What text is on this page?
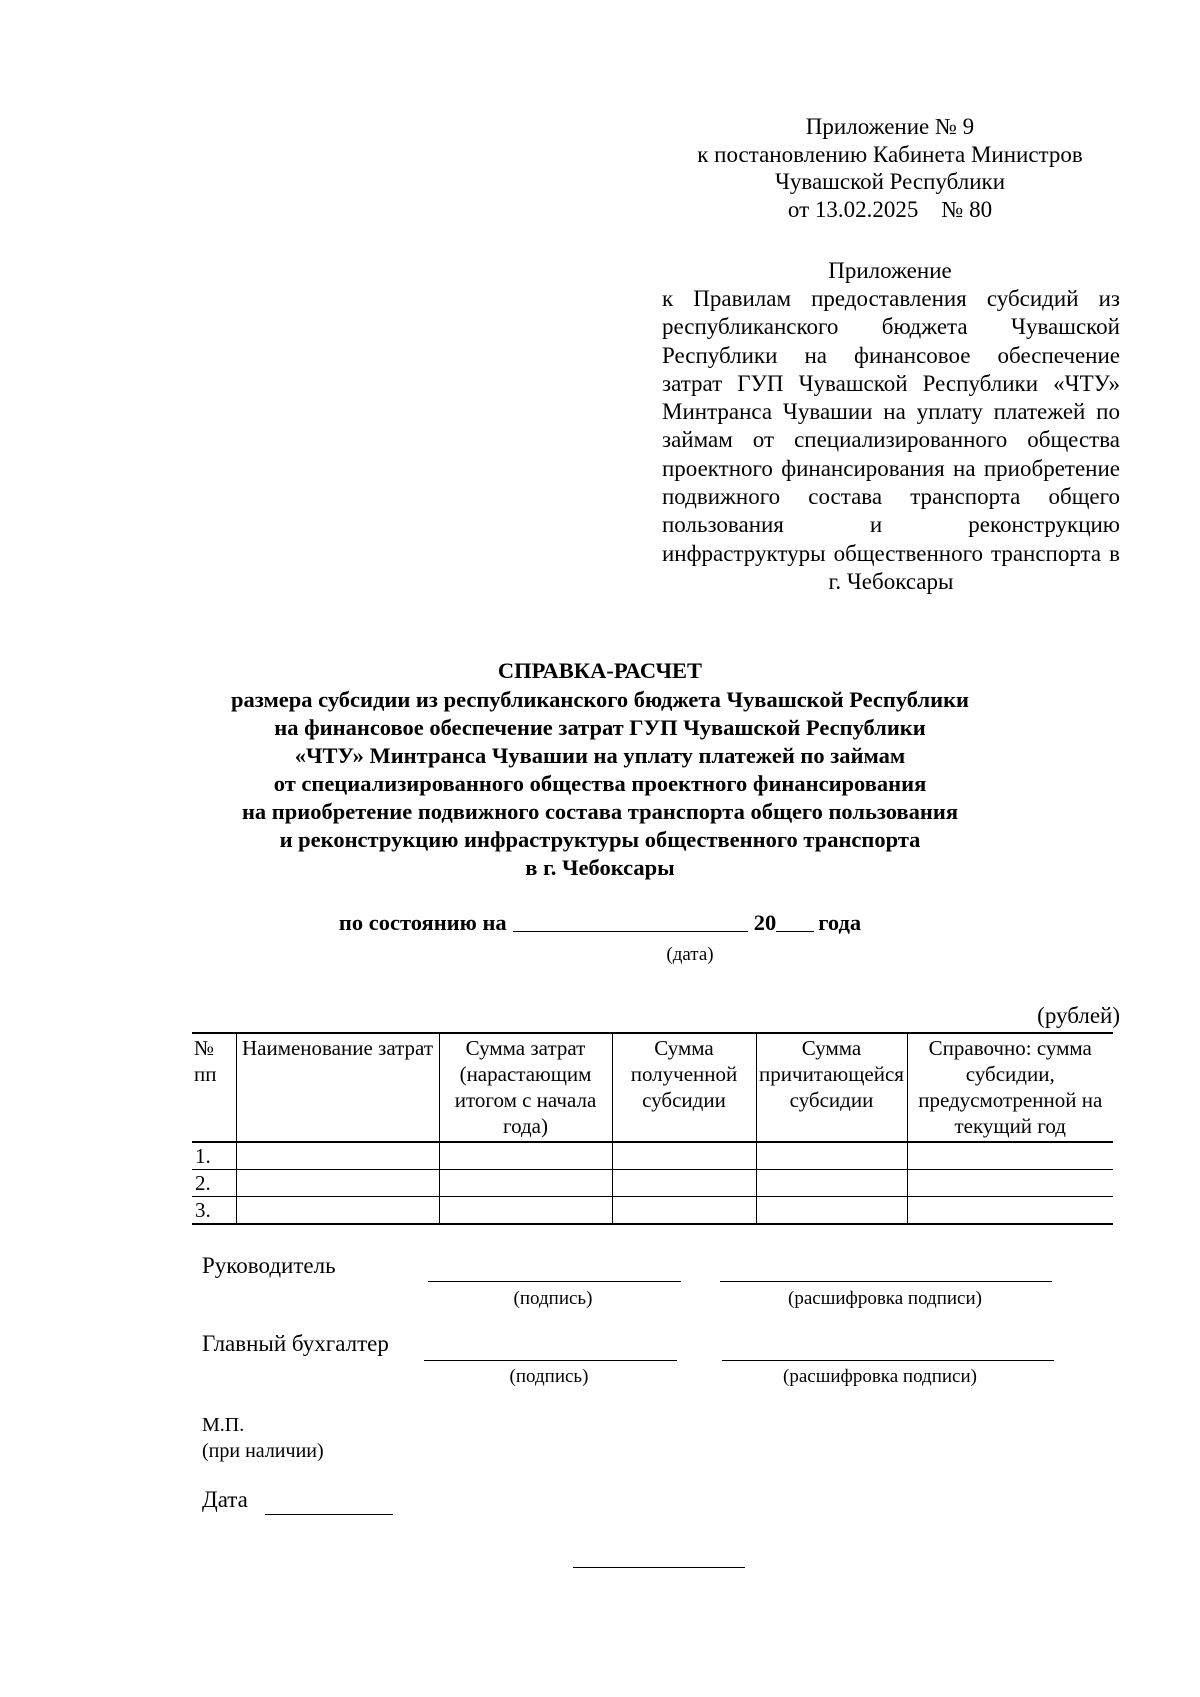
Приложение № 9
к постановлению Кабинета Министров
Чувашской Республики
от 13.02.2025    № 80
Приложение
к Правилам предоставления субсидий из республиканского бюджета Чувашской Республики на финансовое обеспечение затрат ГУП Чувашской Республики «ЧТУ» Минтранса Чувашии на уплату платежей по займам от специализированного общества проектного финансирования на приобретение подвижного состава транспорта общего пользования и реконструкцию инфраструктуры общественного транспорта в г. Чебоксары
СПРАВКА-РАСЧЕТ
размера субсидии из республиканского бюджета Чувашской Республики
на финансовое обеспечение затрат ГУП Чувашской Республики
«ЧТУ» Минтранса Чувашии на уплату платежей по займам
от специализированного общества проектного финансирования
на приобретение подвижного состава транспорта общего пользования
и реконструкцию инфраструктуры общественного транспорта
в г. Чебоксары
по состоянию на	20 года
(дата)
(рублей)
№ пп	Наименование затрат	Сумма затрат (нарастающим итогом с начала года)	Сумма полученной субсидии	Сумма причитающейся субсидии	Справочно: сумма субсидии, предусмотренной на текущий год
1.					
2.					
3.					
Руководитель
(подпись)	(расшифровка подписи)
Главный бухгалтер
(подпись)	(расшифровка подписи)
М.П.
(при наличии)
Дата
